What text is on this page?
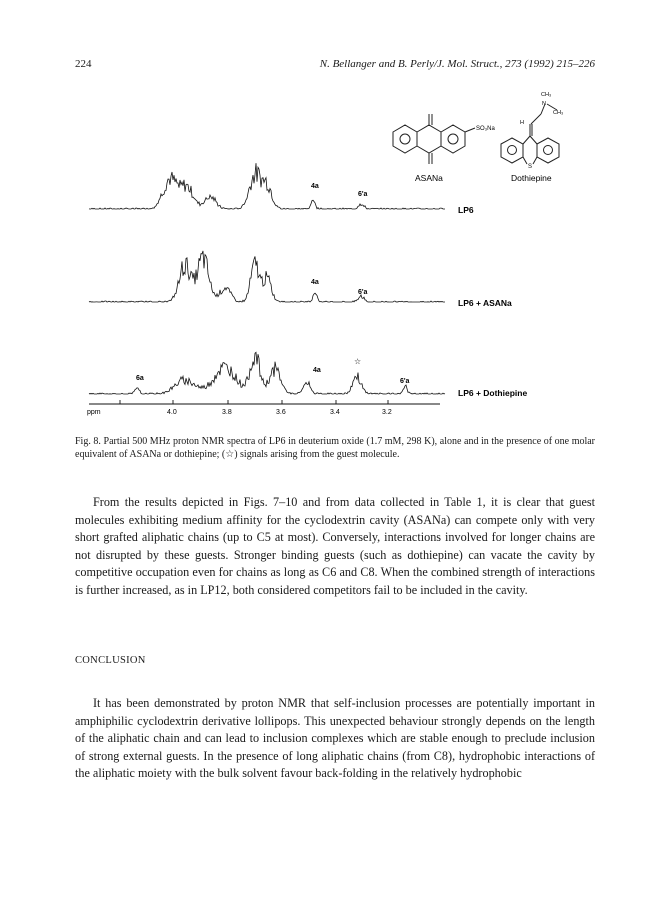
224	N. Bellanger and B. Perly/J. Mol. Struct., 273 (1992) 215–226
SO₃Na
ASANa
CH₃
CH₃
N
H
S
Dothiepine
LP6
LP6 + ASANa
LP6 + Dothiepine
4a
6'a
4a
6'a
6a
4a
☆
6'a
ppm	4.0	3.8	3.6	3.4	3.2
Fig. 8. Partial 500 MHz proton NMR spectra of LP6 in deuterium oxide (1.7 mM, 298 K), alone and in the presence of one molar equivalent of ASANa or dothiepine; (☆) signals arising from the guest molecule.

From the results depicted in Figs. 7–10 and from data collected in Table 1, it is clear that guest molecules exhibiting medium affinity for the cyclodextrin cavity (ASANa) can compete only with very short grafted aliphatic chains (up to C5 at most). Conversely, interactions involved for longer chains are not disrupted by these guests. Stronger binding guests (such as dothiepine) can vacate the cavity by competitive occupation even for chains as long as C6 and C8. When the combined strength of interactions is further increased, as in LP12, both considered competitors fail to be included in the cavity.

CONCLUSION

It has been demonstrated by proton NMR that self-inclusion processes are potentially important in amphiphilic cyclodextrin derivative lollipops. This unexpected behaviour strongly depends on the length of the aliphatic chain and can lead to inclusion complexes which are stable enough to preclude inclusion of strong external guests. In the presence of long aliphatic chains (from C8), hydrophobic interactions of the aliphatic moiety with the bulk solvent favour back-folding in the relatively hydrophobic
